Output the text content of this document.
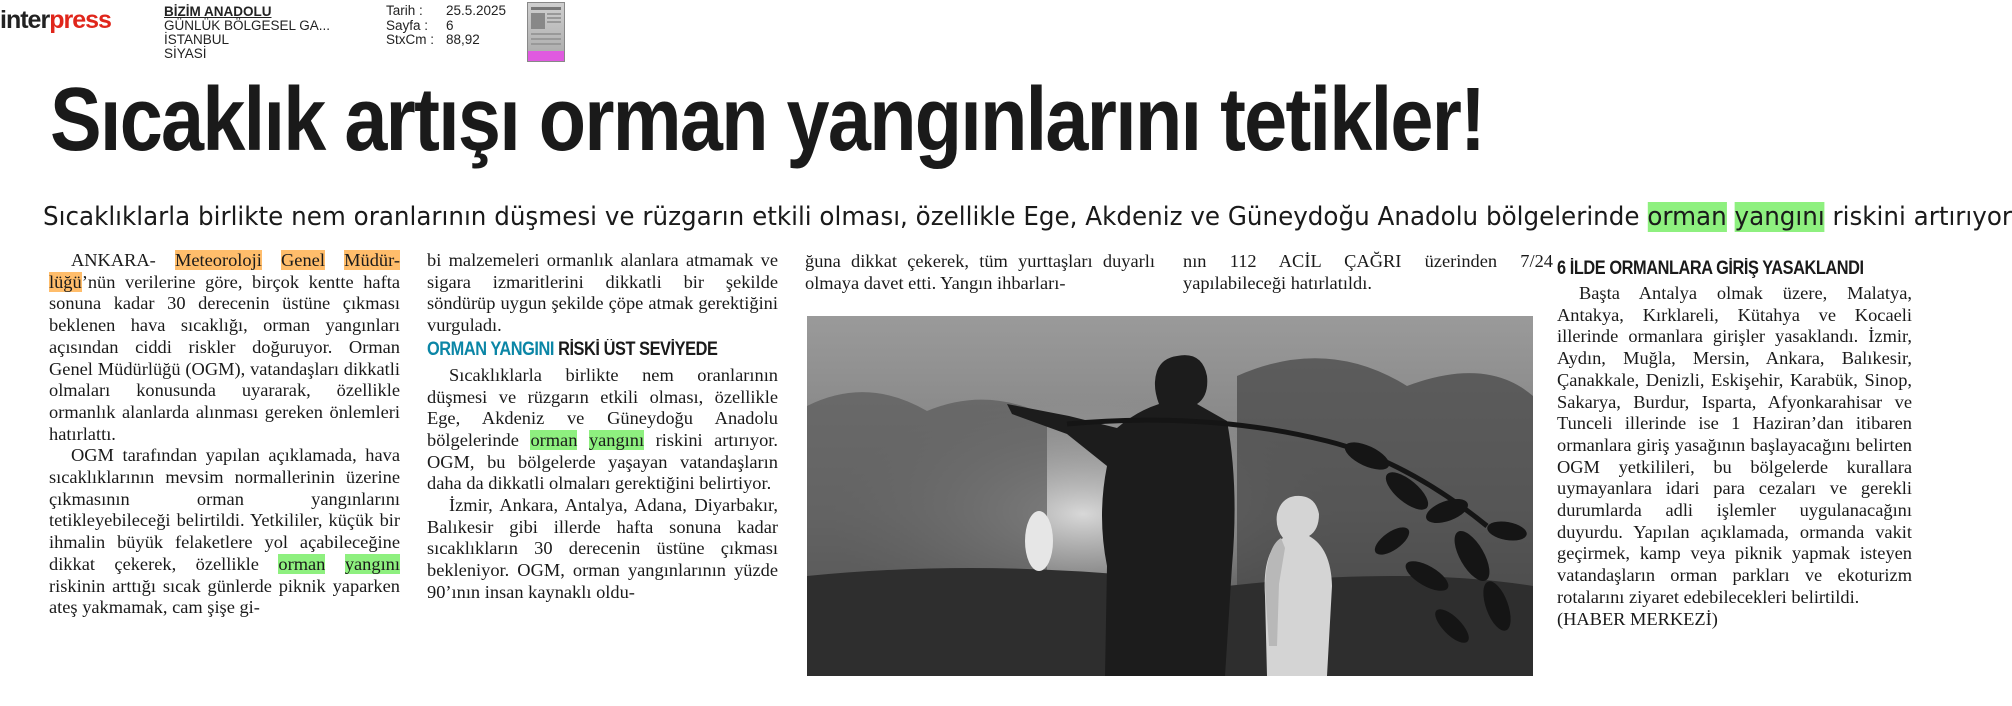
interpress	BİZİM ANADOLU
GÜNLÜK BÖLGESEL GA...
İSTANBUL
SİYASİ
Tarih :	25.5.2025
Sayfa :	6
StxCm : 88,92
Sıcaklık artışı orman yangınlarını tetikler!
Sıcaklıklarla birlikte nem oranlarının düşmesi ve rüzgarın etkili olması, özellikle Ege, Akdeniz ve Güneydoğu Anadolu bölgelerinde orman yangını riskini artırıyor

ANKARA- Meteoroloji Genel Müdür- lüğü’nün verilerine göre, birçok kentte hafta sonuna kadar 30 derecenin üstüne çıkması beklenen hava sıcaklığı, orman yangınları açısından ciddi riskler doğuruyor. Orman Genel Müdürlüğü (OGM), vatandaşları dikkatli olmaları konusunda uyararak, özellikle ormanlık alanlarda alınması gereken önlemleri hatırlattı.

OGM tarafından yapılan açıklamada, hava sıcaklıklarının mevsim normallerinin üzerine çıkmasının orman yangınlarını tetikleyebileceği belirtildi. Yetkililer, küçük bir ihmalin büyük felaketlere yol açabileceğine dikkat çekerek, özellikle orman yangını riskinin arttığı sıcak günlerde piknik yaparken ateş yakmamak, cam şişe gi-

bi malzemeleri ormanlık alanlara atmamak ve sigara izmaritlerini dikkatli bir şekilde söndürüp uygun şekilde çöpe atmak gerektiğini vurguladı.

ORMAN YANGINI RİSKİ ÜST SEVİYEDE

Sıcaklıklarla birlikte nem oranlarının düşmesi ve rüzgarın etkili olması, özellikle Ege, Akdeniz ve Güneydoğu Anadolu bölgelerinde orman yangını riskini artırıyor. OGM, bu bölgelerde yaşayan vatandaşların daha da dikkatli olmaları gerektiğini belirtiyor.

İzmir, Ankara, Antalya, Adana, Diyarbakır, Balıkesir gibi illerde hafta sonuna kadar sıcaklıkların 30 derecenin üstüne çıkması bekleniyor. OGM, orman yangınlarının yüzde 90’ının insan kaynaklı oldu-

ğuna dikkat çekerek, tüm yurttaşları duyarlı olmaya davet etti. Yangın ihbarları-

nın 112 ACİL ÇAĞRI üzerinden 7/24 yapılabileceği hatırlatıldı.

6 İLDE ORMANLARA GİRİŞ YASAKLANDI

Başta Antalya olmak üzere, Malatya, Antakya, Kırklareli, Kütahya ve Kocaeli illerinde ormanlara girişler yasaklandı. İzmir, Aydın, Muğla, Mersin, Ankara, Balıkesir, Çanakkale, Denizli, Eskişehir, Karabük, Sinop, Sakarya, Burdur, Isparta, Afyonkarahisar ve Tunceli illerinde ise 1 Haziran’dan itibaren ormanlara giriş yasağının başlayacağını belirten OGM yetkilileri, bu bölgelerde kurallara uymayanlara idari para cezaları ve gerekli durumlarda adli işlemler uygulanacağını duyurdu. Yapılan açıklamada, ormanda vakit geçirmek, kamp veya piknik yapmak isteyen vatandaşların orman parkları ve ekoturizm rotalarını ziyaret edebilecekleri belirtildi.

(HABER MERKEZİ)
